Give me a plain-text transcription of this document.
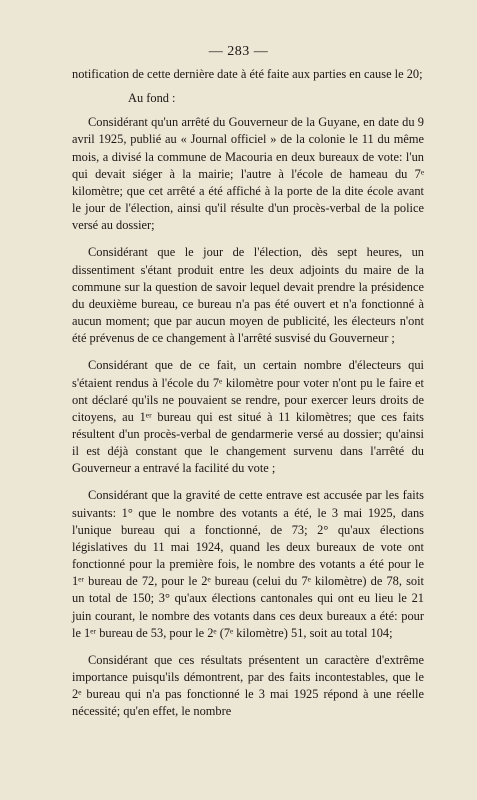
— 283 —

notification de cette dernière date à été faite aux parties en cause le 20;

Au fond :

Considérant qu'un arrêté du Gouverneur de la Guyane, en date du 9 avril 1925, publié au « Journal officiel » de la colonie le 11 du même mois, a divisé la commune de Macouria en deux bureaux de vote: l'un qui devait siéger à la mairie; l'autre à l'école de hameau du 7ᵉ kilomètre; que cet arrêté a été affiché à la porte de la dite école avant le jour de l'élection, ainsi qu'il résulte d'un procès-verbal de la police versé au dossier;

Considérant que le jour de l'élection, dès sept heures, un dissentiment s'étant produit entre les deux adjoints du maire de la commune sur la question de savoir lequel devait prendre la présidence du deuxième bureau, ce bureau n'a pas été ouvert et n'a fonctionné à aucun moment; que par aucun moyen de publicité, les électeurs n'ont été prévenus de ce changement à l'arrêté susvisé du Gouverneur ;

Considérant que de ce fait, un certain nombre d'électeurs qui s'étaient rendus à l'école du 7ᵉ kilomètre pour voter n'ont pu le faire et ont déclaré qu'ils ne pouvaient se rendre, pour exercer leurs droits de citoyens, au 1ᵉʳ bureau qui est situé à 11 kilomètres; que ces faits résultent d'un procès-verbal de gendarmerie versé au dossier; qu'ainsi il est déjà constant que le changement survenu dans l'arrêté du Gouverneur a entravé la facilité du vote ;

Considérant que la gravité de cette entrave est accusée par les faits suivants: 1° que le nombre des votants a été, le 3 mai 1925, dans l'unique bureau qui a fonctionné, de 73; 2° qu'aux élections législatives du 11 mai 1924, quand les deux bureaux de vote ont fonctionné pour la première fois, le nombre des votants a été pour le 1ᵉʳ bureau de 72, pour le 2ᵉ bureau (celui du 7ᵉ kilomètre) de 78, soit un total de 150; 3° qu'aux élections cantonales qui ont eu lieu le 21 juin courant, le nombre des votants dans ces deux bureaux a été: pour le 1ᵉʳ bureau de 53, pour le 2ᵉ (7ᵉ kilomètre) 51, soit au total 104;

Considérant que ces résultats présentent un caractère d'extrême importance puisqu'ils démontrent, par des faits incontestables, que le 2ᵉ bureau qui n'a pas fonctionné le 3 mai 1925 répond à une réelle nécessité; qu'en effet, le nombre
